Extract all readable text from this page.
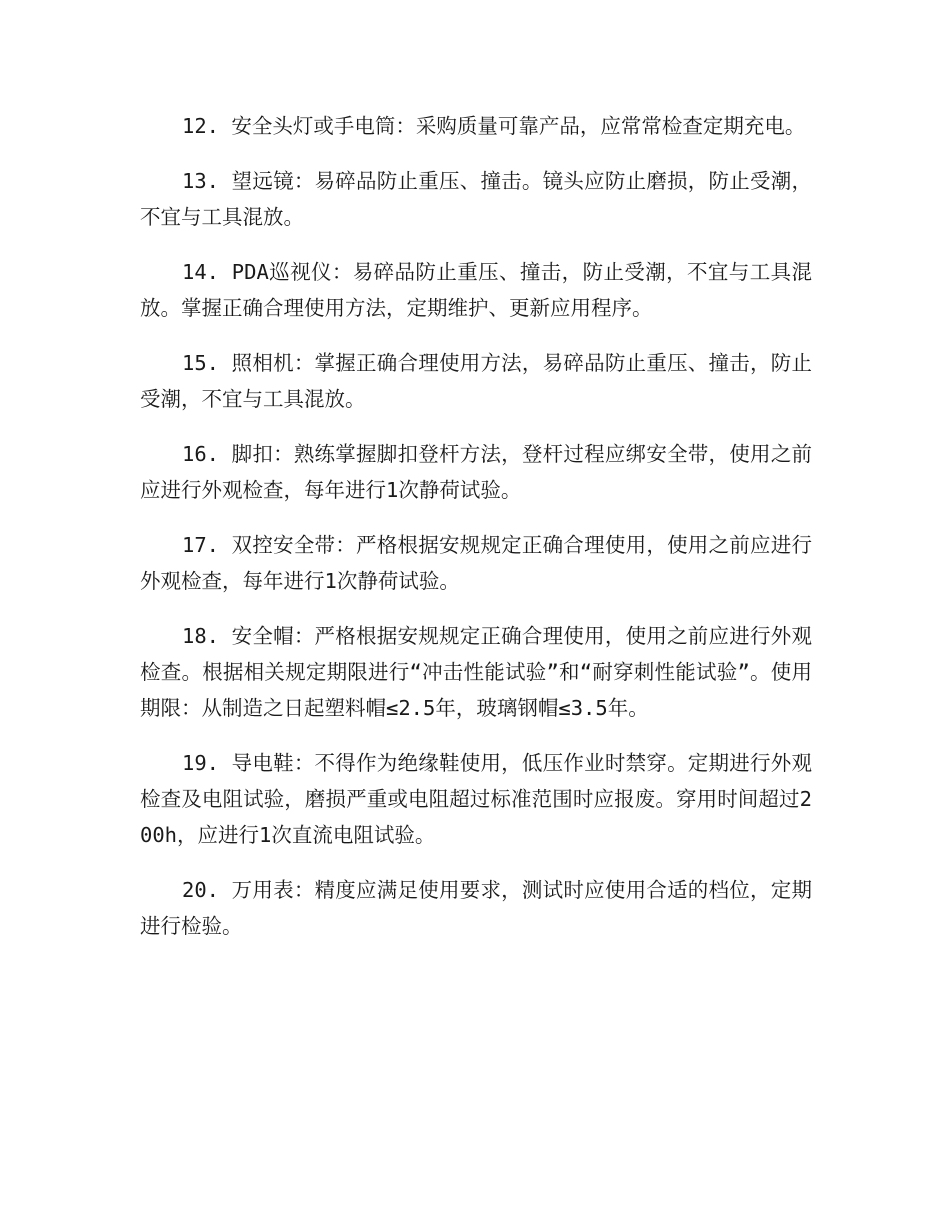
12. 安全头灯或手电筒：采购质量可靠产品，应常常检查定期充电。

13. 望远镜：易碎品防止重压、撞击。镜头应防止磨损，防止受潮，不宜与工具混放。

14. PDA巡视仪：易碎品防止重压、撞击，防止受潮，不宜与工具混放。掌握正确合理使用方法，定期维护、更新应用程序。

15. 照相机：掌握正确合理使用方法，易碎品防止重压、撞击，防止受潮，不宜与工具混放。

16. 脚扣：熟练掌握脚扣登杆方法，登杆过程应绑安全带，使用之前应进行外观检查，每年进行1次静荷试验。

17. 双控安全带：严格根据安规规定正确合理使用，使用之前应进行外观检查，每年进行1次静荷试验。

18. 安全帽：严格根据安规规定正确合理使用，使用之前应进行外观检查。根据相关规定期限进行“冲击性能试验”和“耐穿刺性能试验”。使用期限：从制造之日起塑料帽≤2.5年，玻璃钢帽≤3.5年。

19. 导电鞋：不得作为绝缘鞋使用，低压作业时禁穿。定期进行外观检查及电阻试验，磨损严重或电阻超过标准范围时应报废。穿用时间超过200h，应进行1次直流电阻试验。

20. 万用表：精度应满足使用要求，测试时应使用合适的档位，定期进行检验。
